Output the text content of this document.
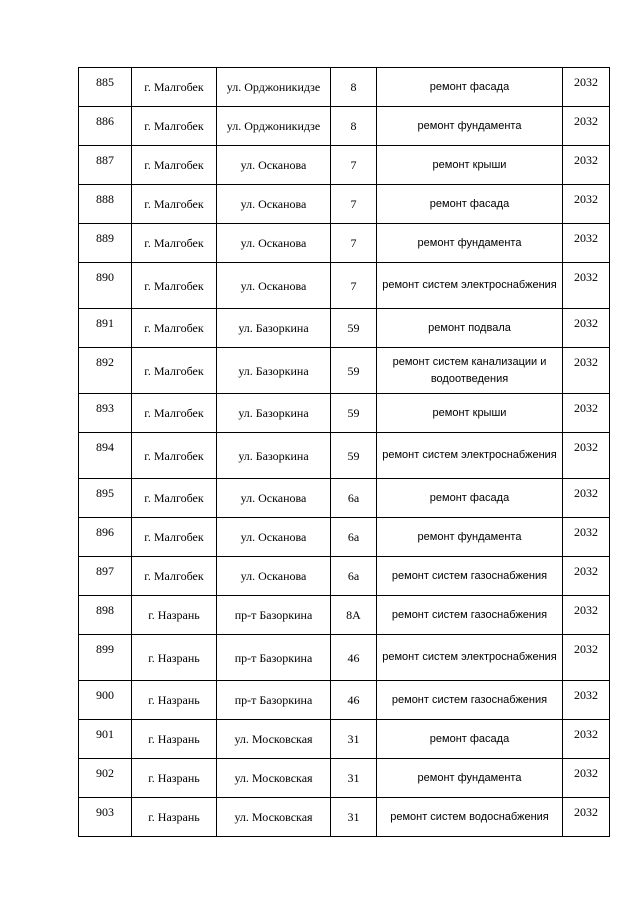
885	г. Малгобек	ул. Орджоникидзе	8	ремонт фасада	2032
886	г. Малгобек	ул. Орджоникидзе	8	ремонт фундамента	2032
887	г. Малгобек	ул. Осканова	7	ремонт крыши	2032
888	г. Малгобек	ул. Осканова	7	ремонт фасада	2032
889	г. Малгобек	ул. Осканова	7	ремонт фундамента	2032
890	г. Малгобек	ул. Осканова	7	ремонт систем электроснабжения	2032
891	г. Малгобек	ул. Базоркина	59	ремонт подвала	2032
892	г. Малгобек	ул. Базоркина	59	ремонт систем канализации и водоотведения	2032
893	г. Малгобек	ул. Базоркина	59	ремонт крыши	2032
894	г. Малгобек	ул. Базоркина	59	ремонт систем электроснабжения	2032
895	г. Малгобек	ул. Осканова	6а	ремонт фасада	2032
896	г. Малгобек	ул. Осканова	6а	ремонт фундамента	2032
897	г. Малгобек	ул. Осканова	6а	ремонт систем газоснабжения	2032
898	г. Назрань	пр-т Базоркина	8А	ремонт систем газоснабжения	2032
899	г. Назрань	пр-т Базоркина	46	ремонт систем электроснабжения	2032
900	г. Назрань	пр-т Базоркина	46	ремонт систем газоснабжения	2032
901	г. Назрань	ул. Московская	31	ремонт фасада	2032
902	г. Назрань	ул. Московская	31	ремонт фундамента	2032
903	г. Назрань	ул. Московская	31	ремонт систем водоснабжения	2032
